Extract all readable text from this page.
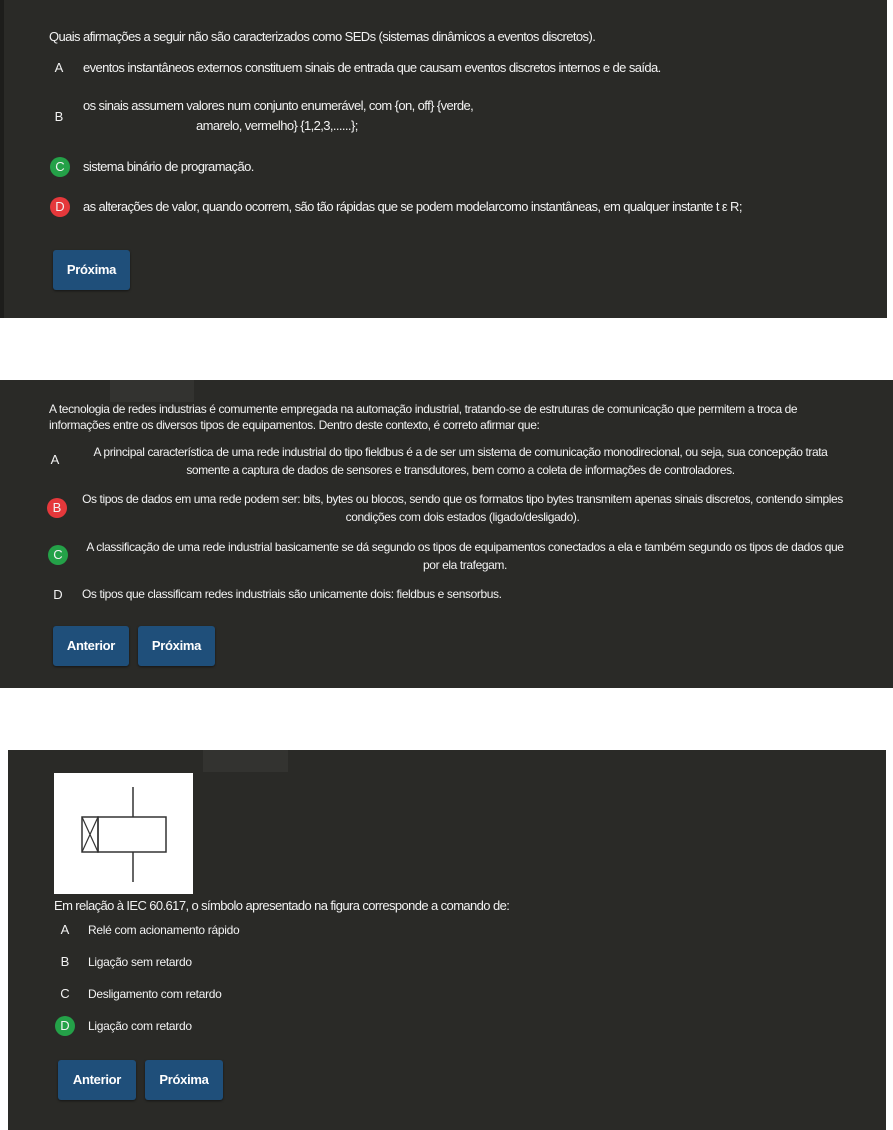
Quais afirmações a seguir não são caracterizados como SEDs (sistemas dinâmicos a eventos discretos).
A	eventos instantâneos externos constituem sinais de entrada que causam eventos discretos internos e de saída.
B
os sinais assumem valores num conjunto enumerável, com {on, off} {verde,
amarelo, vermelho} {1,2,3,......};
C	sistema binário de programação.
D	as alterações de valor, quando ocorrem, são tão rápidas que se podem modelarcomo instantâneas, em qualquer instante t ε R;
Próxima
A tecnologia de redes industrias é comumente empregada na automação industrial, tratando-se de estruturas de comunicação que permitem a troca de informações entre os diversos tipos de equipamentos. Dentro deste contexto, é correto afirmar que:
A	A principal característica de uma rede industrial do tipo fieldbus é a de ser um sistema de comunicação monodirecional, ou seja, sua concepção trata somente a captura de dados de sensores e transdutores, bem como a coleta de informações de controladores.
B
Os tipos de dados em uma rede podem ser: bits, bytes ou blocos, sendo que os formatos tipo bytes transmitem apenas sinais discretos, contendo simples condições com dois estados (ligado/desligado).
C	A classificação de uma rede industrial basicamente se dá segundo os tipos de equipamentos conectados a ela e também segundo os tipos de dados que por ela trafegam.
D	Os tipos que classificam redes industriais são unicamente dois: fieldbus e sensorbus.
Anterior	Próxima
Em relação à IEC 60.617, o símbolo apresentado na figura corresponde a comando de:
A	Relé com acionamento rápido
B	Ligação sem retardo
C	Desligamento com retardo
D	Ligação com retardo
Anterior	Próxima
